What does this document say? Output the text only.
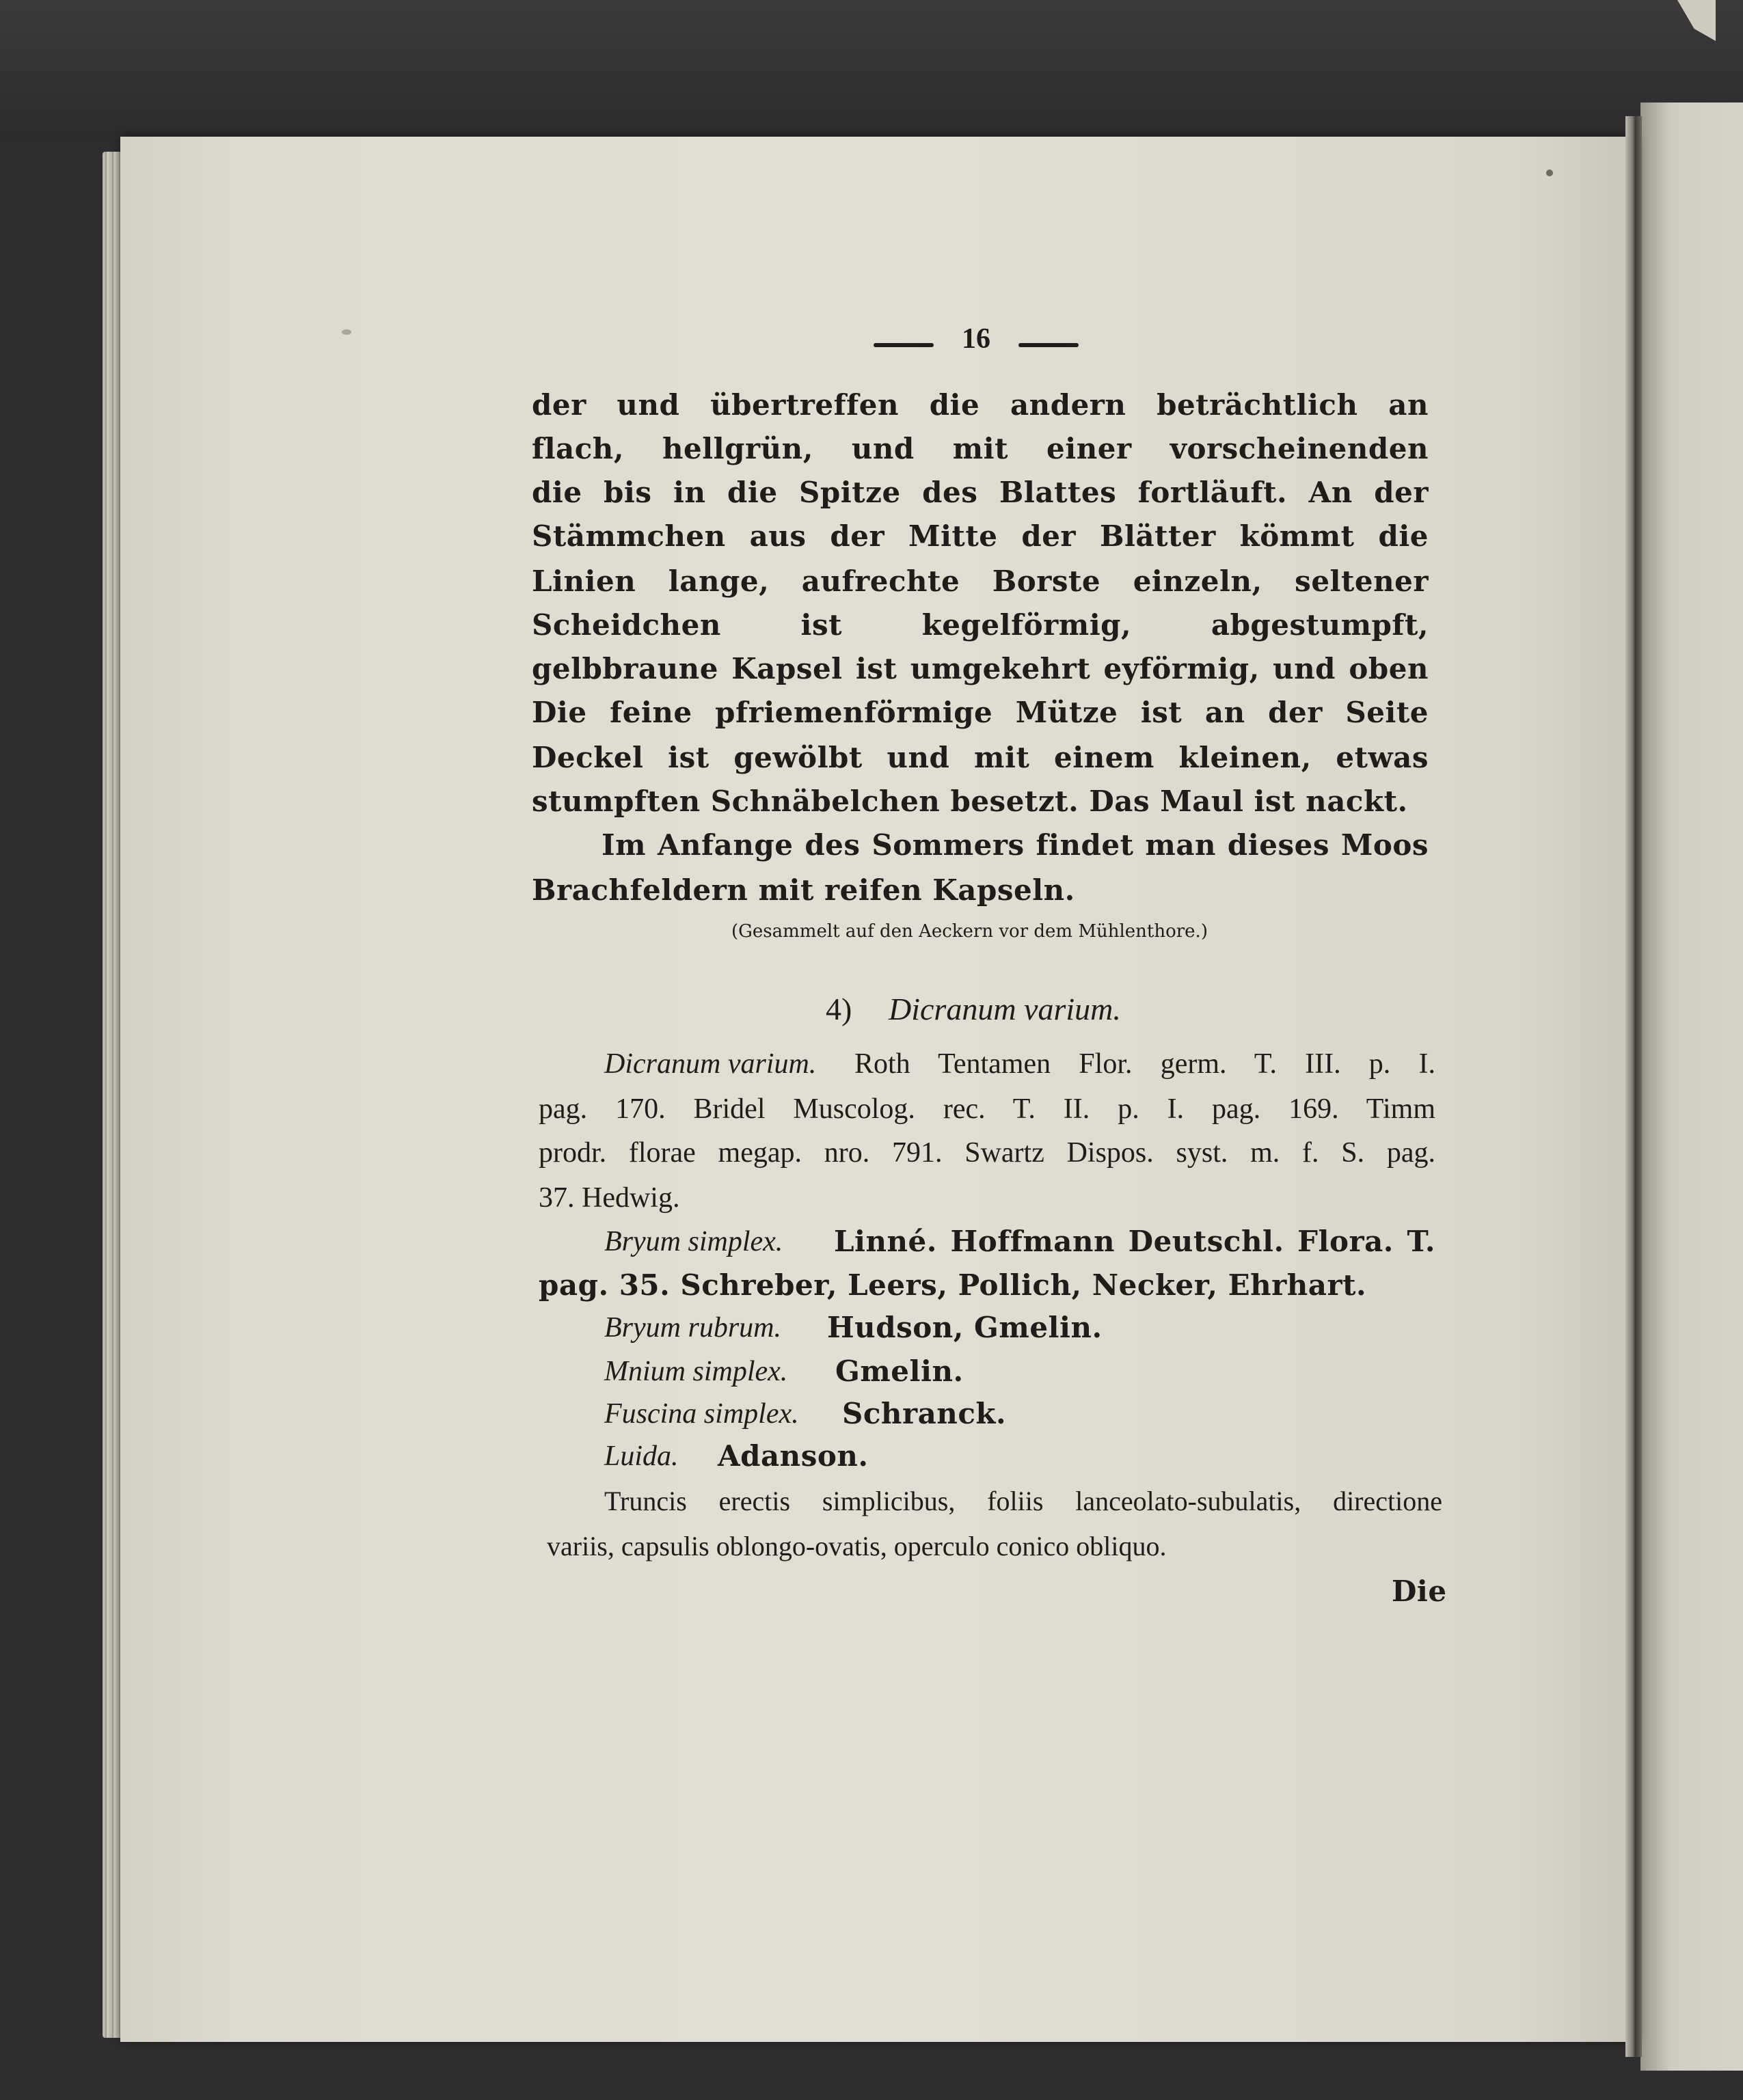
16
der und übertreffen die andern beträchtlich an
flach, hellgrün, und mit einer vorscheinenden
die bis in die Spitze des Blattes fortläuft. An der
Stämmchen aus der Mitte der Blätter kömmt die
Linien lange, aufrechte Borste einzeln, seltener
Scheidchen ist kegelförmig, abgestumpft,
gelbbraune Kapsel ist umgekehrt eyförmig, und oben
Die feine pfriemenförmige Mütze ist an der Seite
Deckel ist gewölbt und mit einem kleinen, etwas
stumpften Schnäbelchen besetzt. Das Maul ist nackt.
Im Anfange des Sommers findet man dieses Moos
Brachfeldern mit reifen Kapseln.
(Gesammelt auf den Aeckern vor dem Mühlenthore.)
4) Dicranum varium.
Dicranum varium. Roth Tentamen Flor. germ. T. III. p. I.
pag. 170. Bridel Muscolog. rec. T. II. p. I. pag. 169. Timm
prodr. florae megap. nro. 791. Swartz Dispos. syst. m. f. S. pag.
37. Hedwig.
Bryum simplex. Linné. Hoffmann Deutschl. Flora. T.
pag. 35. Schreber, Leers, Pollich, Necker, Ehrhart.
Bryum rubrum. Hudson, Gmelin.
Mnium simplex. Gmelin.
Fuscina simplex. Schranck.
Luida. Adanson.
Truncis erectis simplicibus, foliis lanceolato-subulatis, directione
variis, capsulis oblongo-ovatis, operculo conico obliquo.
Die
